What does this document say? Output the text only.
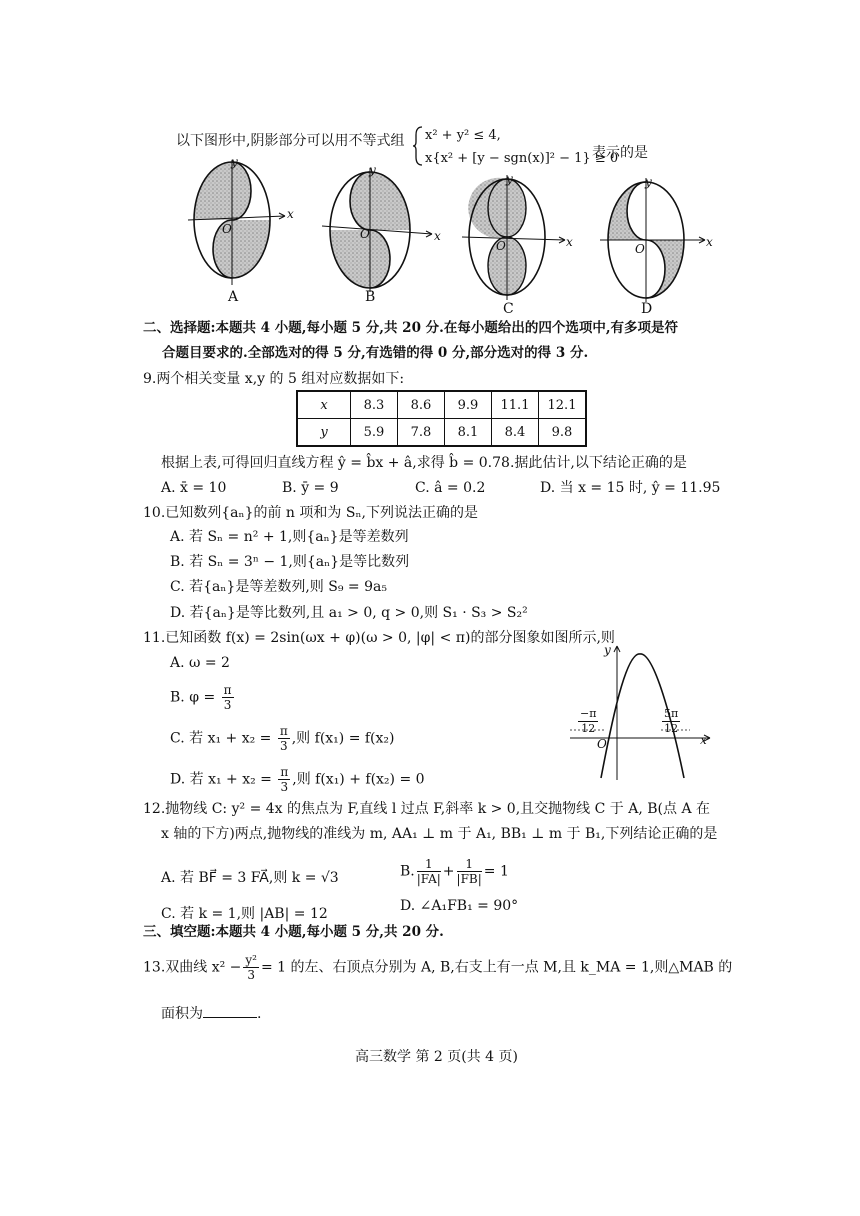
以下图形中,阴影部分可以用不等式组 x² + y² ≤ 4,
x{x² + [y − sgn(x)]² − 1} ≥ 0
表示的是
y
x
O
y
x
O
y
x
O
y
x
O
A	B
C	D
二、选择题:本题共 4 小题,每小题 5 分,共 20 分.在每小题给出的四个选项中,有多项是符
合题目要求的.全部选对的得 5 分,有选错的得 0 分,部分选对的得 3 分.
9.两个相关变量 x,y 的 5 组对应数据如下:
x	8.3	8.6	9.9	11.1	12.1
y	5.9	7.8	8.1	8.4	9.8
根据上表,可得回归直线方程 ŷ = b̂x + â,求得 b̂ = 0.78.据此估计,以下结论正确的是
A. x̄ = 10	B. ȳ = 9	C. â = 0.2	D. 当 x = 15 时, ŷ = 11.95
10.已知数列{aₙ}的前 n 项和为 Sₙ,下列说法正确的是
A. 若 Sₙ = n² + 1,则{aₙ}是等差数列
B. 若 Sₙ = 3ⁿ − 1,则{aₙ}是等比数列
C. 若{aₙ}是等差数列,则 S₉ = 9a₅
D. 若{aₙ}是等比数列,且 a₁ > 0, q > 0,则 S₁ · S₃ > S₂²
11.已知函数 f(x) = 2sin(ωx + φ)(ω > 0, |φ| < π)的部分图象如图所示,则
A. ω = 2
B. $\varphi = \frac{\pi}{3}$
C. 若 $x_1 + x_2 = \frac{\pi}{3}$ ,则 f(x₁) = f(x₂)
D. 若 $x_1 + x_2 = \frac{\pi}{3}$ ,则 f(x₁) + f(x₂) = 0
x
y
O
$\frac{-\pi}{12}$	$\frac{5\pi}{12}$
12.抛物线 C: y² = 4x 的焦点为 F,直线 l 过点 F,斜率 k > 0,且交抛物线 C 于 A, B(点 A 在
x 轴的下方)两点,抛物线的准线为 m, AA₁ ⊥ m 于 A₁, BB₁ ⊥ m 于 B₁,下列结论正确的是
A. 若 BF⃗ = 3 FA⃗,则 k = √3	B. $\frac{1}{|FA|} + \frac{1}{|FB|} = 1$
C. 若 k = 1,则 |AB| = 12	D. ∠A₁FB₁ = 90°
三、填空题:本题共 4 小题,每小题 5 分,共 20 分.
13.双曲线 $x^2 - \frac{\text{y²}}{3} = 1$ 的左、右顶点分别为 A, B,右支上有一点 M,且 k_MA = 1,则△MAB 的
面积为	.
高三数学 第 2 页(共 4 页)
